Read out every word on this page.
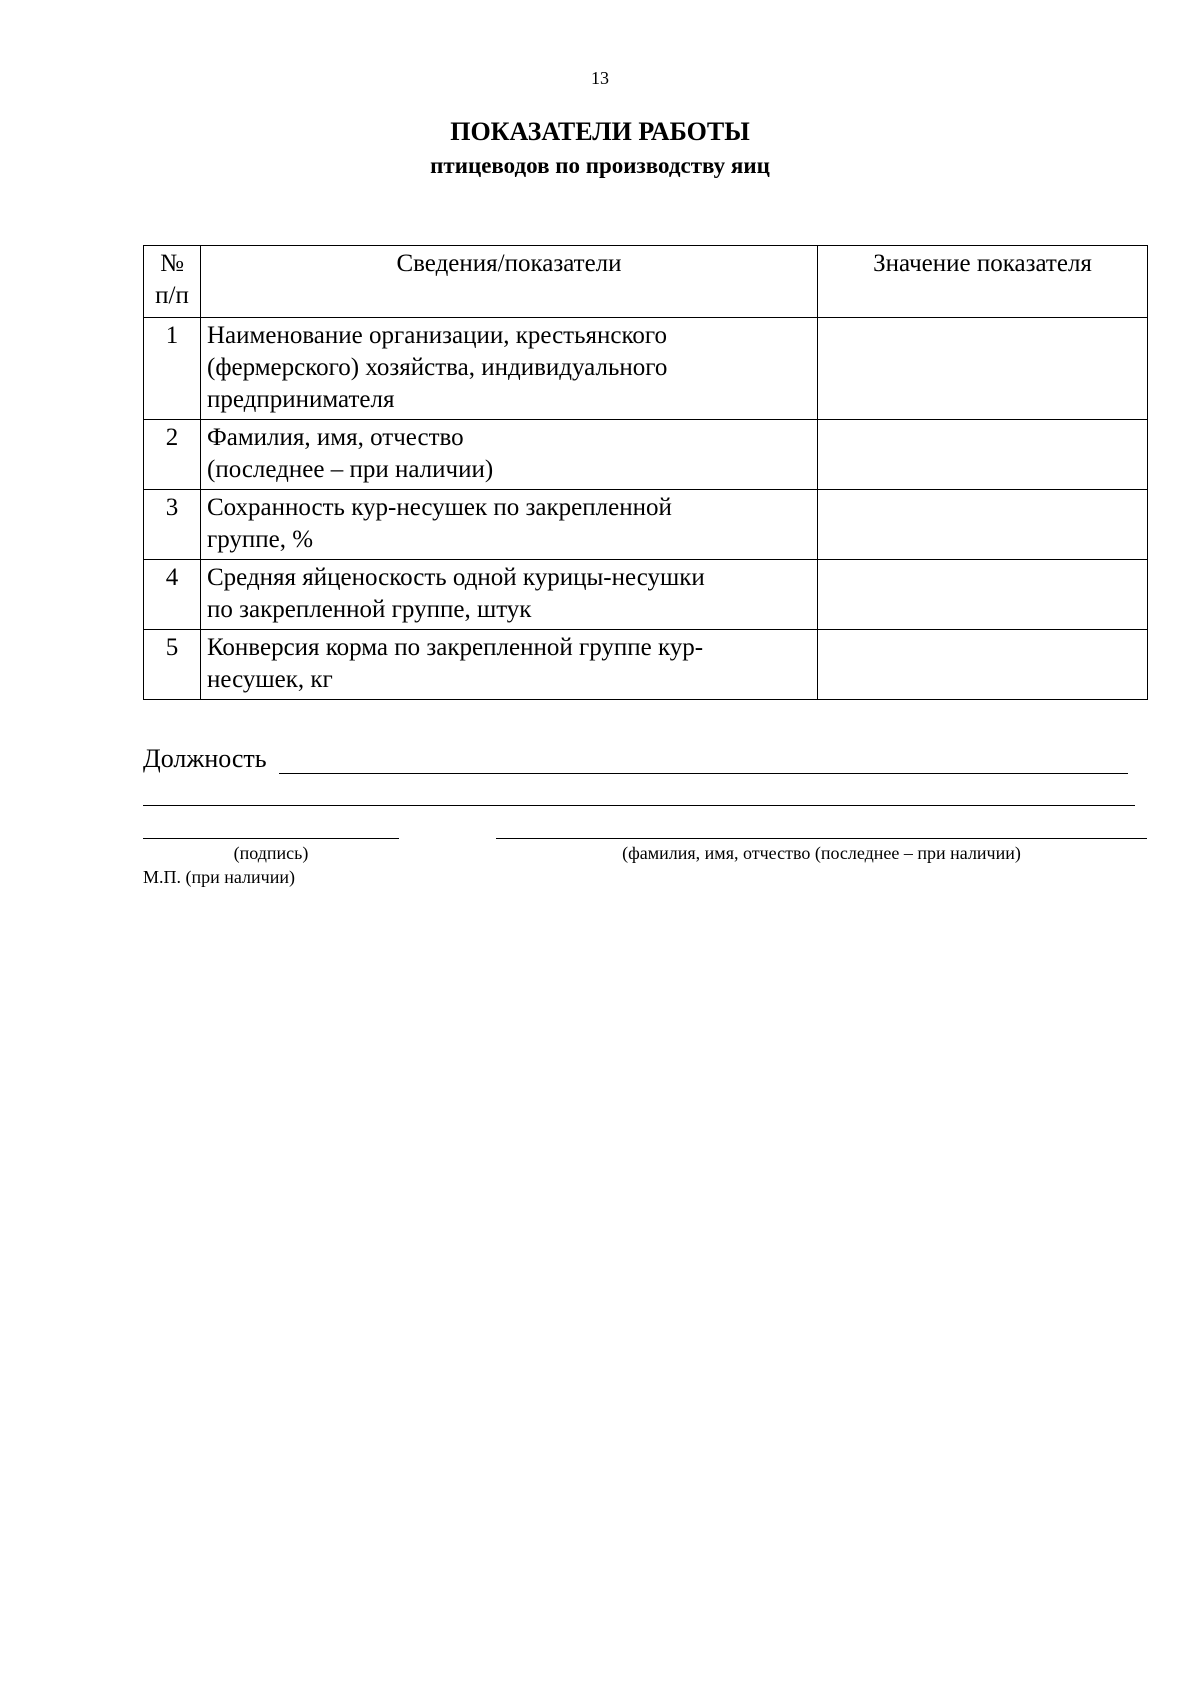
13
ПОКАЗАТЕЛИ РАБОТЫ
птицеводов по производству яиц
№
п/п	Сведения/показатели	Значение показателя
1	Наименование организации, крестьянского
(фермерского) хозяйства, индивидуального
предпринимателя	
2	Фамилия, имя, отчество
(последнее – при наличии)	
3	Сохранность кур-несушек по закрепленной
группе, %	
4	Средняя яйценоскость одной курицы-несушки
по закрепленной группе, штук	
5	Конверсия корма по закрепленной группе кур-
несушек, кг	
Должность
(подпись)	(фамилия, имя, отчество (последнее – при наличии)
М.П. (при наличии)
